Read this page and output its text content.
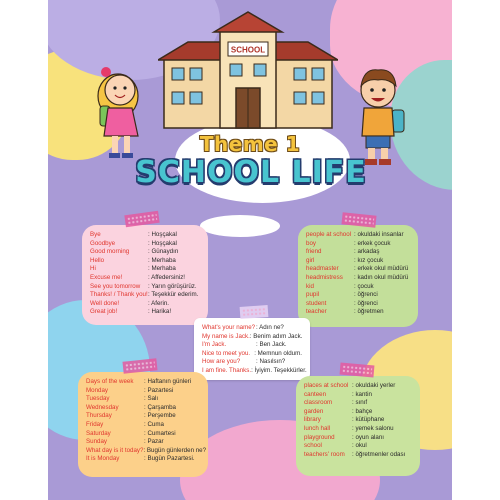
SCHOOL
Theme 1
SCHOOL LIFE
Bye	: Hoşçakal
Goodbye	: Hoşçakal
Good morning	: Günaydın
Hello	: Merhaba
Hi	: Merhaba
Excuse me!	: Affedersiniz!
See you tomorrow	: Yarın görüşürüz.
Thanks! / Thank you! : Teşekkür ederim.
Well done!	: Aferin.
Great job!	: Harika!
people at school : okuldaki insanlar
boy	: erkek çocuk
friend	: arkadaş
girl	: kız çocuk
headmaster	: erkek okul müdürü
headmistress	: kadın okul müdürü
kid	: çocuk
pupil	: öğrenci
student	: öğrenci
teacher	: öğretmen
What's your name? : Adın ne?
My name is Jack. : Benim adım Jack.
I'm Jack.	: Ben Jack.
Nice to meet you. : Memnun oldum.
How are you?	: Nasılsın?
I am fine. Thanks. : İyiyim. Teşekkürler.
Days of the week	: Haftanın günleri
Monday	: Pazartesi
Tuesday	: Salı
Wednesday	: Çarşamba
Thursday	: Perşembe
Friday	: Cuma
Saturday	: Cumartesi
Sunday	: Pazar
What day is it today? : Bugün günlerden ne?
It is Monday	: Bugün Pazartesi.
places at school : okuldaki yerler
canteen	: kantin
classroom	: sınıf
garden	: bahçe
library	: kütüphane
lunch hall	: yemek salonu
playground	: oyun alanı
school	: okul
teachers' room	: öğretmenler odası
